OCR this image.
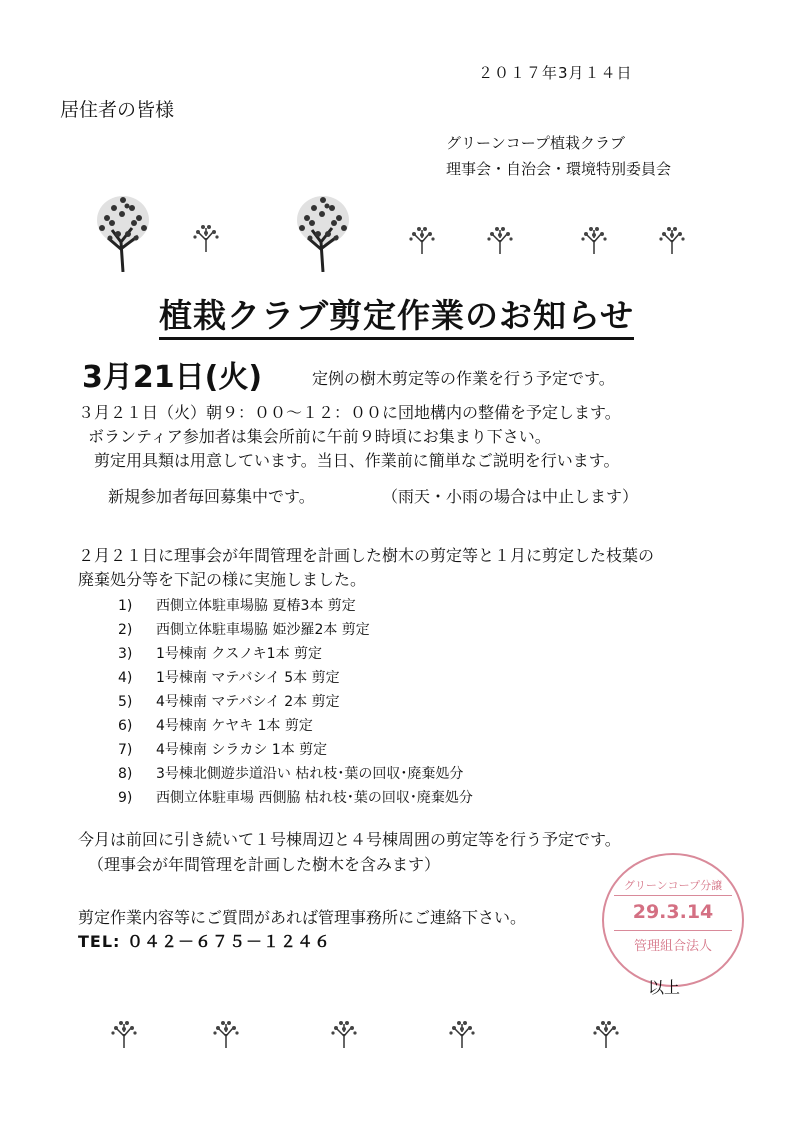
２０１７年3月１４日
居住者の皆様
グリーンコープ植栽クラブ
理事会・自治会・環境特別委員会
植栽クラブ剪定作業のお知らせ
3月21日(火)	定例の樹木剪定等の作業を行う予定です。
３月２１日（火）朝９：００～１２：００に団地構内の整備を予定します。
ボランティア参加者は集会所前に午前９時頃にお集まり下さい。
剪定用具類は用意しています。当日、作業前に簡単なご説明を行います。
新規参加者毎回募集中です。	（雨天・小雨の場合は中止します）
２月２１日に理事会が年間管理を計画した樹木の剪定等と１月に剪定した枝葉の
廃棄処分等を下記の様に実施しました。
1) 西側立体駐車場脇 夏椿3本 剪定
2) 西側立体駐車場脇 姫沙羅2本 剪定
3) 1号棟南 クスノキ1本 剪定
4) 1号棟南 マテバシイ 5本 剪定
5) 4号棟南 マテバシイ 2本 剪定
6) 4号棟南 ケヤキ 1本 剪定
7) 4号棟南 シラカシ 1本 剪定
8) 3号棟北側遊歩道沿い 枯れ枝･葉の回収･廃棄処分
9) 西側立体駐車場 西側脇 枯れ枝･葉の回収･廃棄処分
今月は前回に引き続いて１号棟周辺と４号棟周囲の剪定等を行う予定です。
（理事会が年間管理を計画した樹木を含みます）
剪定作業内容等にご質問があれば管理事務所にご連絡下さい。
TEL: ０４２－６７５－１２４６
グリーンコープ分譲
29.3.14
管理組合法人
以上
